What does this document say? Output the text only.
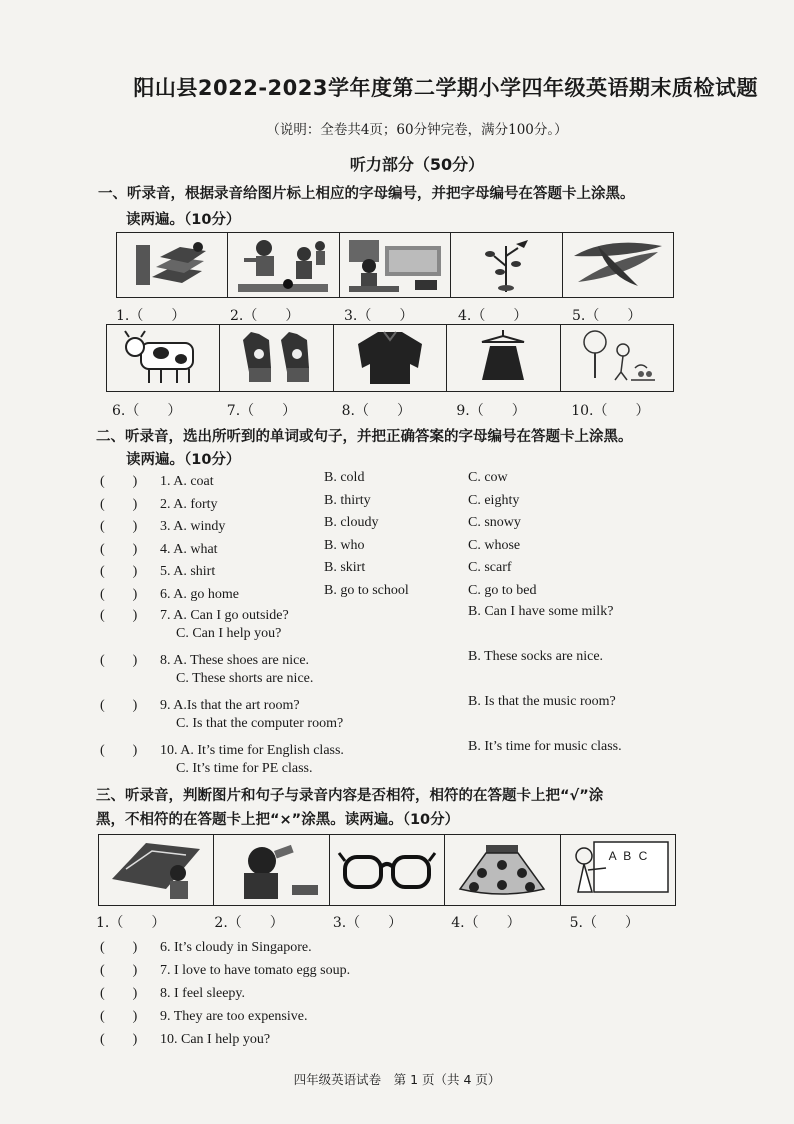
阳山县2022-2023学年度第二学期小学四年级英语期末质检试题
（说明：全卷共4页；60分钟完卷，满分100分。）
听力部分（50分）
一、听录音，根据录音给图片标上相应的字母编号，并把字母编号在答题卡上涂黑。
读两遍。（10分）
1.（　　）	2.（　　）	3.（　　）	4.（　　）	5.（　　）
6.（　　）	7.（　　）	8.（　　）	9.（　　）	10.（　　）
二、听录音，选出所听到的单词或句子，并把正确答案的字母编号在答题卡上涂黑。
读两遍。（10分）
(　　) 1. A. coat	B. cold	C. cow
(　　) 2. A. forty	B. thirty	C. eighty
(　　) 3. A. windy	B. cloudy	C. snowy
(　　) 4. A. what	B. who	C. whose
(　　) 5. A. shirt	B. skirt	C. scarf
(　　) 6. A. go home	B. go to school	C. go to bed
(　　) 7. A. Can I go outside?	B. Can I have some milk?
C. Can I help you?
(　　) 8. A. These shoes are nice.	B. These socks are nice.
C. These shorts are nice.
(　　) 9. A.Is that the art room?	B. Is that the music room?
C. Is that the computer room?
(　　) 10. A. It’s time for English class.	B. It’s time for music class.
C. It’s time for PE class.
三、听录音，判断图片和句子与录音内容是否相符，相符的在答题卡上把“√”涂
黑，不相符的在答题卡上把“×”涂黑。读两遍。（10分）
A B C
1.（　　）	2.（　　）	3.（　　）	4.（　　）	5.（　　）
(　　) 6. It’s cloudy in Singapore.
(　　) 7. I love to have tomato egg soup.
(　　) 8. I feel sleepy.
(　　) 9. They are too expensive.
(　　) 10. Can I help you?
四年级英语试卷　第 1 页（共 4 页）
